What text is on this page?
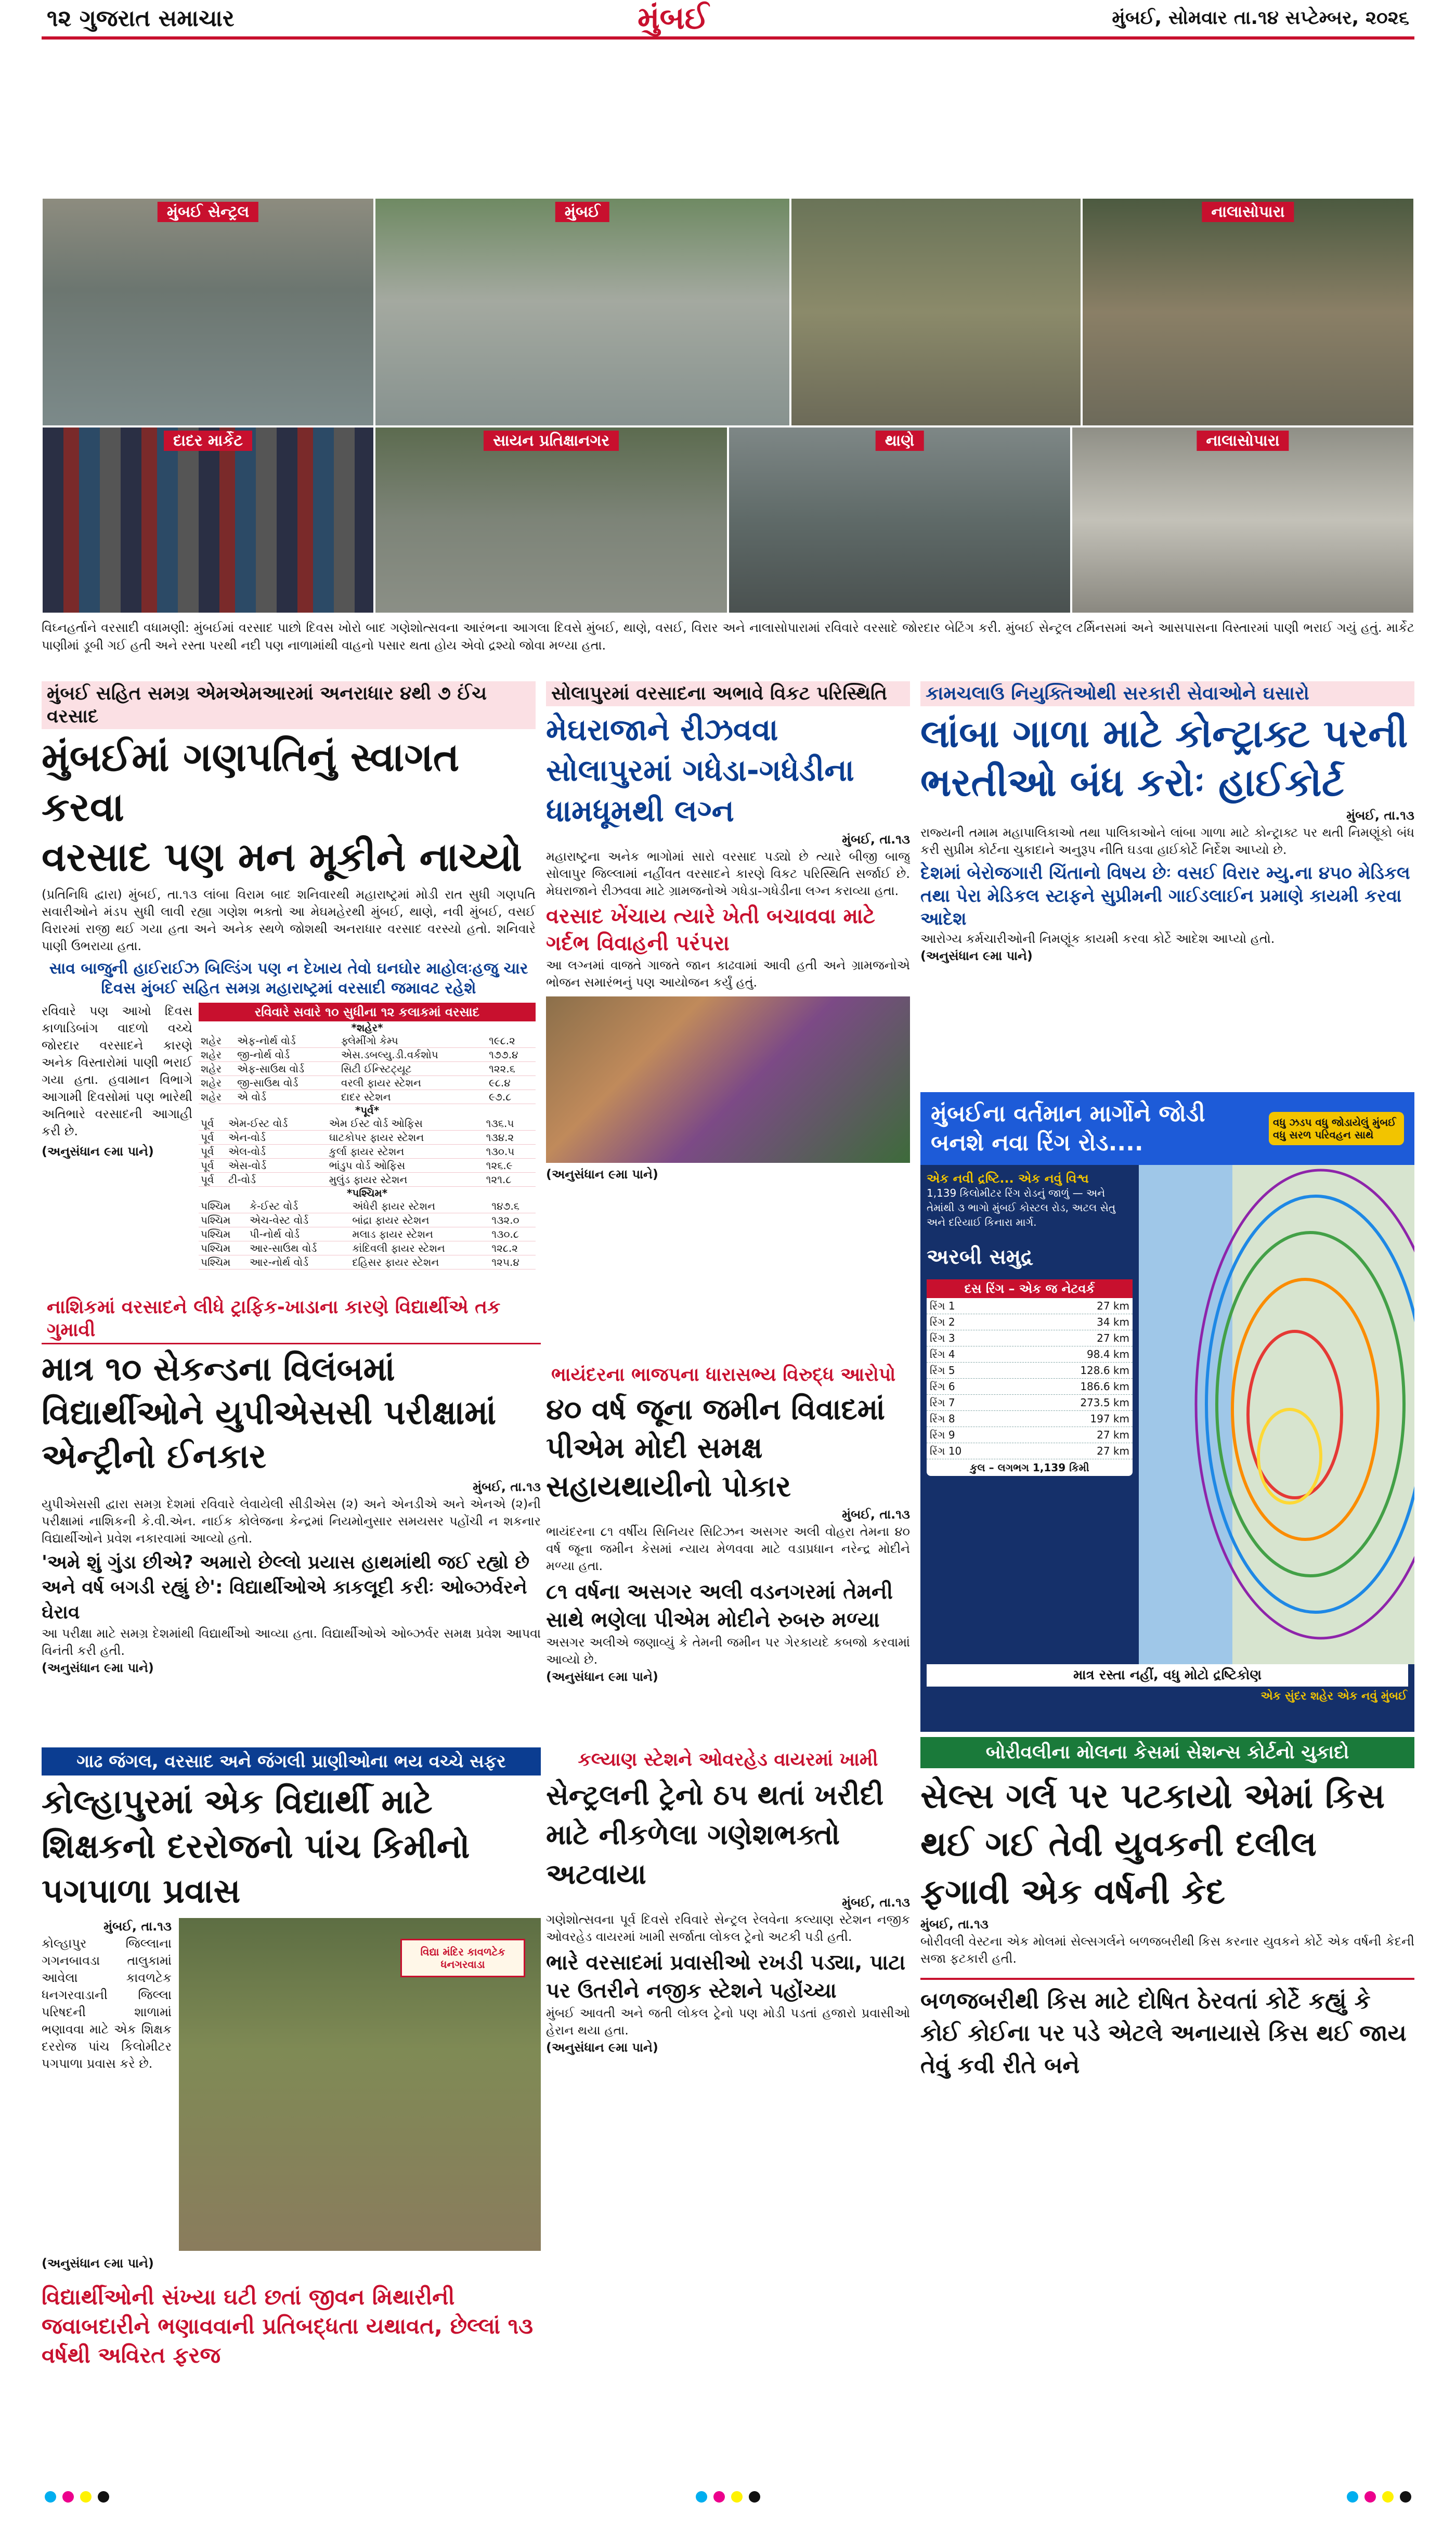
૧૨ ગુજરાત સમાચાર	મુંબઈ	મુંબઈ, સોમવાર તા.૧૪ સપ્ટેમ્બર, ૨૦૨૬
મુંબઈ સેન્ટ્રલ	મુંબઈ	નાલાસોપારા
દાદર માર્કેટ	સાયન પ્રતિક્ષાનગર	થાણે	નાલાસોપારા
વિઘ્નહર્તાને વરસાદી વધામણી: મુંબઈમાં વરસાદ પાછો દિવસ ખોરો બાદ ગણેશોત્સવના આરંભના આગલા દિવસે મુંબઈ, થાણે, વસઈ, વિરાર અને નાલાસોપારામાં રવિવારે વરસાદે જોરદાર બેટિંગ કરી. મુંબઈ સેન્ટ્રલ ટર્મિનસમાં અને આસપાસના વિસ્તારમાં પાણી ભરાઈ ગયું હતું. માર્કેટ પાણીમાં ડૂબી ગઈ હતી અને રસ્તા પરથી નદી પણ નાળામાંથી વાહનો પસાર થતા હોય એવો દ્રશ્યો જોવા મળ્યા હતા.
મુંબઈ સહિત સમગ્ર એમએમઆરમાં અનરાધાર ૪થી ૭ ઈંચ વરસાદ
મુંબઈમાં ગણપતિનું સ્વાગત કરવા
વરસાદ પણ મન મૂકીને નાચ્યો
(પ્રતિનિધિ દ્વારા) મુંબઈ, તા.૧૩ લાંબા વિરામ બાદ શનિવારથી મહારાષ્ટ્રમાં મોડી રાત સુધી ગણપતિ સવારીઓને મંડપ સુધી લાવી રહ્યા ગણેશ ભક્તો આ મેઘમહેરથી મુંબઈ, થાણે, નવી મુંબઈ, વસઈ વિરારમાં રાજી થઈ ગયા હતા અને અનેક સ્થળે જોશથી અનરાધાર વરસાદ વરસ્યો હતો. શનિવારે પાણી ઉભરાયા હતા.
સાવ બાજુની હાઈરાઈઝ બિલ્ડિંગ પણ ન દેખાય તેવો ઘનઘોર માહોલઃહજુ ચાર દિવસ મુંબઈ સહિત સમગ્ર મહારાષ્ટ્રમાં વરસાદી જમાવટ રહેશે
રવિવારે પણ આખો દિવસ કાળાડિબાંગ વાદળો વચ્ચે જોરદાર વરસાદને કારણે અનેક વિસ્તારોમાં પાણી ભરાઈ ગયા હતા. હવામાન વિભાગે આગામી દિવસોમાં પણ ભારેથી અતિભારે વરસાદની આગાહી કરી છે.
(અનુસંધાન ૯મા પાને)
રવિવારે સવારે ૧૦ સુધીના ૧૨ કલાકમાં વરસાદ
*શહેર*
શહેર	એફ-નોર્થ વોર્ડ	ફ્લેમીંગો કેમ્પ	૧૯૮.૨
શહેર	જી-નોર્થ વોર્ડ	એસ.ડબલ્યુ.ડી.વર્કશોપ	૧૭૭.૪
શહેર	એફ-સાઉથ વોર્ડ	સિટી ઈન્સ્ટિટ્યૂટ	૧૨૨.૬
શહેર	જી-સાઉથ વોર્ડ	વરલી ફાયર સ્ટેશન	૯૮.૪
શહેર	એ વોર્ડ	દાદર સ્ટેશન	૯૭.૮
*પૂર્વ*
પૂર્વ	એમ-ઈસ્ટ વોર્ડ	એમ ઈસ્ટ વોર્ડ ઓફિસ	૧૩૬.૫
પૂર્વ	એન-વોર્ડ	ઘાટકોપર ફાયર સ્ટેશન	૧૩૪.૨
પૂર્વ	એલ-વોર્ડ	કુર્લા ફાયર સ્ટેશન	૧૩૦.૫
પૂર્વ	એસ-વોર્ડ	ભાંડુપ વોર્ડ ઓફિસ	૧૨૬.૯
પૂર્વ	ટી-વોર્ડ	મુલુંડ ફાયર સ્ટેશન	૧૨૧.૮
*પશ્ચિમ*
પશ્ચિમ	કે-ઈસ્ટ વોર્ડ	અંધેરી ફાયર સ્ટેશન	૧૪૭.૬
પશ્ચિમ	એચ-વેસ્ટ વોર્ડ	બાંદ્રા ફાયર સ્ટેશન	૧૩૨.૦
પશ્ચિમ	પી-નોર્થ વોર્ડ	મલાડ ફાયર સ્ટેશન	૧૩૦.૮
પશ્ચિમ	આર-સાઉથ વોર્ડ	કાંદિવલી ફાયર સ્ટેશન	૧૨૮.૨
પશ્ચિમ	આર-નોર્થ વોર્ડ	દહિસર ફાયર સ્ટેશન	૧૨૫.૪
સોલાપુરમાં વરસાદના અભાવે વિકટ પરિસ્થિતિ
મેઘરાજાને રીઝવવા સોલાપુરમાં ગધેડા-ગધેડીના ધામધૂમથી લગ્ન
મુંબઈ, તા.૧૩
મહારાષ્ટ્રના અનેક ભાગોમાં સારો વરસાદ પડ્યો છે ત્યારે બીજી બાજુ સોલાપુર જિલ્લામાં નહીંવત વરસાદને કારણે વિકટ પરિસ્થિતિ સર્જાઈ છે. મેઘરાજાને રીઝવવા માટે ગ્રામજનોએ ગધેડા-ગધેડીના લગ્ન કરાવ્યા હતા.
વરસાદ ખેંચાય ત્યારે ખેતી બચાવવા માટે ગર્દભ વિવાહની પરંપરા
આ લગ્નમાં વાજતે ગાજતે જાન કાઢવામાં આવી હતી અને ગ્રામજનોએ ભોજન સમારંભનું પણ આયોજન કર્યું હતું.
(અનુસંધાન ૯મા પાને)
કામચલાઉ નિયુક્તિઓથી સરકારી સેવાઓને ઘસારો
લાંબા ગાળા માટે કોન્ટ્રાક્ટ પરની ભરતીઓ બંધ કરોઃ હાઈકોર્ટ
મુંબઈ, તા.૧૩
રાજ્યની તમામ મહાપાલિકાઓ તથા પાલિકાઓને લાંબા ગાળા માટે કોન્ટ્રાક્ટ પર થતી નિમણૂંકો બંધ કરી સુપ્રીમ કોર્ટના ચુકાદાને અનુરૂપ નીતિ ઘડવા હાઈકોર્ટે નિર્દેશ આપ્યો છે.
દેશમાં બેરોજગારી ચિંતાનો વિષય છેઃ વસઈ વિરાર મ્યુ.ના ૪૫૦ મેડિકલ તથા પેરા મેડિકલ સ્ટાફને સુપ્રીમની ગાઈડલાઈન પ્રમાણે કાયમી કરવા આદેશ
આરોગ્ય કર્મચારીઓની નિમણૂંક કાયમી કરવા કોર્ટે આદેશ આપ્યો હતો.
(અનુસંધાન ૯મા પાને)
મુંબઈના વર્તમાન માર્ગોને જોડી બનશે નવા રિંગ રોડ....
વધુ ઝડપ વધુ જોડાયેલું મુંબઈ વધુ સરળ પરિવહન સાથે
એક નવી દ્રષ્ટિ... એક નવું વિશ્વ
1,139 કિલોમીટર રિંગ રોડનું જાળું — અને તેમાંથી ૩ ભાગો મુંબઈ કોસ્ટલ રોડ, અટલ સેતુ અને દરિયાઈ કિનારા માર્ગ.
અરબી સમુદ્ર
દસ રિંગ – એક જ નેટવર્ક
રિંગ 1	27 km
રિંગ 2	34 km
રિંગ 3	27 km
રિંગ 4	98.4 km
રિંગ 5	128.6 km
રિંગ 6	186.6 km
રિંગ 7	273.5 km
રિંગ 8	197 km
રિંગ 9	27 km
રિંગ 10	27 km
કુલ – લગભગ 1,139 કિમી
માત્ર રસ્તા નહીં, વધુ મોટો દ્રષ્ટિકોણ
એક સુંદર શહેર એક નવું મુંબઈ
નાશિકમાં વરસાદને લીધે ટ્રાફિક-ખાડાના કારણે વિદ્યાર્થીએ તક ગુમાવી
માત્ર ૧૦ સેકન્ડના વિલંબમાં વિદ્યાર્થીઓને યુપીએસસી પરીક્ષામાં એન્ટ્રીનો ઈનકાર
મુંબઈ, તા.૧૩
યુપીએસસી દ્વારા સમગ્ર દેશમાં રવિવારે લેવાયેલી સીડીએસ (૨) અને એનડીએ અને એનએ (૨)ની પરીક્ષામાં નાશિકની કે.વી.એન. નાઈક કોલેજના કેન્દ્રમાં નિયમોનુસાર સમયસર પહોંચી ન શકનાર વિદ્યાર્થીઓને પ્રવેશ નકારવામાં આવ્યો હતો.
'અમે શું ગુંડા છીએ? અમારો છેલ્લો પ્રયાસ હાથમાંથી જઈ રહ્યો છે અને વર્ષ બગડી રહ્યું છે': વિદ્યાર્થીઓએ કાકલૂદી કરીઃ ઓબ્ઝર્વરને ઘેરાવ
આ પરીક્ષા માટે સમગ્ર દેશમાંથી વિદ્યાર્થીઓ આવ્યા હતા. વિદ્યાર્થીઓએ ઓબ્ઝર્વર સમક્ષ પ્રવેશ આપવા વિનંતી કરી હતી.
(અનુસંધાન ૯મા પાને)
ભાયંદરના ભાજપના ધારાસભ્ય વિરુદ્ધ આરોપો
૪૦ વર્ષ જૂના જમીન વિવાદમાં પીએમ મોદી સમક્ષ સહાયથાયીનો પોકાર
મુંબઈ, તા.૧૩
ભાયંદરના ૮૧ વર્ષીય સિનિયર સિટિઝન અસગર અલી વોહરા તેમના ૪૦ વર્ષ જૂના જમીન કેસમાં ન્યાય મેળવવા માટે વડાપ્રધાન નરેન્દ્ર મોદીને મળ્યા હતા.
૮૧ વર્ષના અસગર અલી વડનગરમાં તેમની સાથે ભણેલા પીએમ મોદીને રુબરુ મળ્યા
અસગર અલીએ જણાવ્યું કે તેમની જમીન પર ગેરકાયદે કબજો કરવામાં આવ્યો છે.
(અનુસંધાન ૯મા પાને)
ગાઢ જંગલ, વરસાદ અને જંગલી પ્રાણીઓના ભય વચ્ચે સફર
કોલ્હાપુરમાં એક વિદ્યાર્થી માટે શિક્ષકનો દરરોજનો પાંચ કિમીનો પગપાળા પ્રવાસ
મુંબઈ, તા.૧૩
કોલ્હાપુર જિલ્લાના ગગનબાવડા તાલુકામાં આવેલા કાવળટેક ધનગરવાડાની જિલ્લા પરિષદની શાળામાં ભણાવવા માટે એક શિક્ષક દરરોજ પાંચ કિલોમીટર પગપાળા પ્રવાસ કરે છે.
વિદ્યા મંદિર કાવળટેક ધનગરવાડા
(અનુસંધાન ૯મા પાને)
વિદ્યાર્થીઓની સંખ્યા ઘટી છતાં જીવન મિથારીની જવાબદારીને ભણાવવાની પ્રતિબદ્ધતા યથાવત, છેલ્લાં ૧૩ વર્ષથી અવિરત ફરજ
કલ્યાણ સ્ટેશને ઓવરહેડ વાયરમાં ખામી
સેન્ટ્રલની ટ્રેનો ઠપ થતાં ખરીદી માટે નીકળેલા ગણેશભક્તો અટવાયા
મુંબઈ, તા.૧૩
ગણેશોત્સવના પૂર્વ દિવસે રવિવારે સેન્ટ્રલ રેલવેના કલ્યાણ સ્ટેશન નજીક ઓવરહેડ વાયરમાં ખામી સર્જાતા લોકલ ટ્રેનો અટકી પડી હતી.
ભારે વરસાદમાં પ્રવાસીઓ રખડી પડ્યા, પાટા પર ઉતરીને નજીક સ્ટેશને પહોંચ્યા
મુંબઈ આવતી અને જતી લોકલ ટ્રેનો પણ મોડી પડતાં હજારો પ્રવાસીઓ હેરાન થયા હતા.
(અનુસંધાન ૯મા પાને)
બોરીવલીના મોલના કેસમાં સેશન્સ કોર્ટનો ચુકાદો
સેલ્સ ગર્લ પર પટકાયો એમાં કિસ થઈ ગઈ તેવી યુવકની દલીલ ફગાવી એક વર્ષની કેદ
મુંબઈ, તા.૧૩
બોરીવલી વેસ્ટના એક મોલમાં સેલ્સગર્લને બળજબરીથી કિસ કરનાર યુવકને કોર્ટે એક વર્ષની કેદની સજા ફટકારી હતી.
બળજબરીથી કિસ માટે દોષિત ઠેરવતાં કોર્ટે કહ્યું કે કોઈ કોઈના પર પડે એટલે અનાયાસે કિસ થઈ જાય તેવું કવી રીતે બને
